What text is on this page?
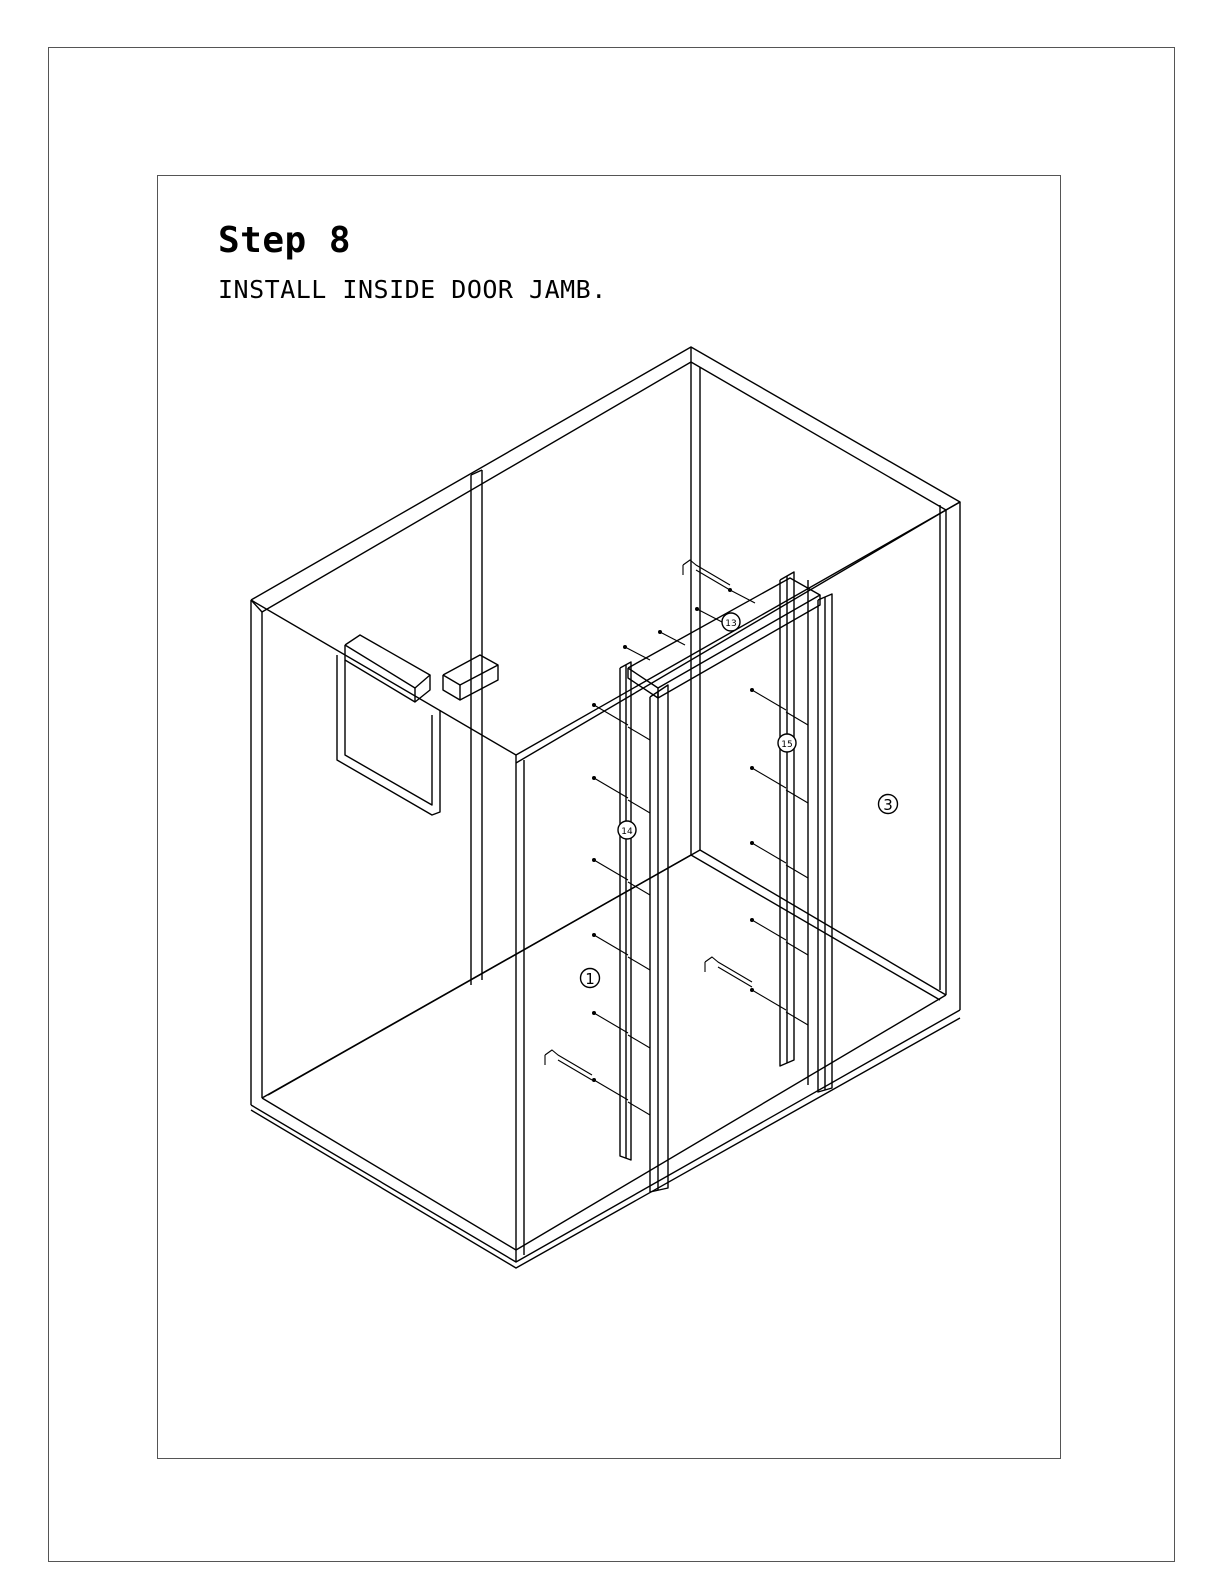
Step 8
INSTALL INSIDE DOOR JAMB.
1
3
13
14
15
